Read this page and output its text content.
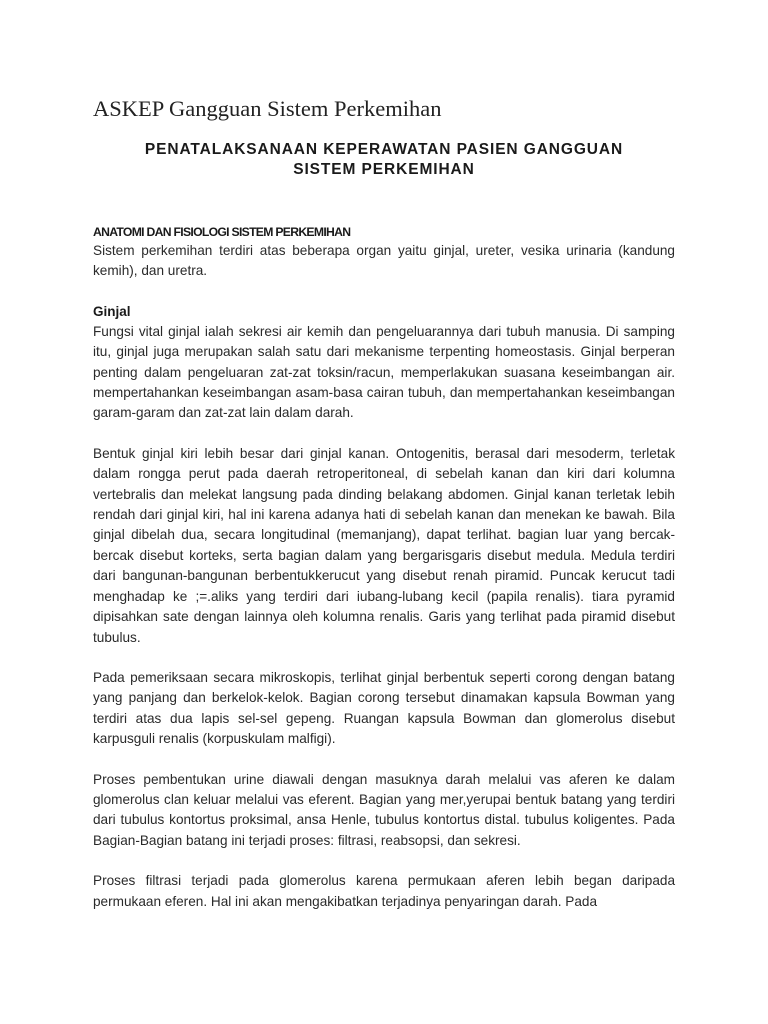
ASKEP Gangguan Sistem Perkemihan
PENATALAKSANAAN KEPERAWATAN PASIEN GANGGUAN
SISTEM PERKEMIHAN
ANATOMI DAN FISIOLOGI SISTEM PERKEMIHAN

Sistem perkemihan terdiri atas beberapa organ yaitu ginjal, ureter, vesika urinaria (kandung kemih), dan uretra.

Ginjal

Fungsi vital ginjal ialah sekresi air kemih dan pengeluarannya dari tubuh manusia. Di samping itu, ginjal juga merupakan salah satu dari mekanisme terpenting homeostasis. Ginjal berperan penting dalam pengeluaran zat-zat toksin/racun, memperlakukan suasana keseimbangan air. mempertahankan keseimbangan asam-basa cairan tubuh, dan mempertahankan keseimbangan garam-garam dan zat-zat lain dalam darah.

Bentuk ginjal kiri lebih besar dari ginjal kanan. Ontogenitis, berasal dari mesoderm, terletak dalam rongga perut pada daerah retroperitoneal, di sebelah kanan dan kiri dari kolumna vertebralis dan melekat langsung pada dinding belakang abdomen. Ginjal kanan terletak lebih rendah dari ginjal kiri, hal ini karena adanya hati di sebelah kanan dan menekan ke bawah. Bila ginjal dibelah dua, secara longitudinal (memanjang), dapat terlihat. bagian luar yang bercak-bercak disebut korteks, serta bagian dalam yang bergarisgaris disebut medula. Medula terdiri dari bangunan-bangunan berbentukkerucut yang disebut renah piramid. Puncak kerucut tadi menghadap ke ;=.aliks yang terdiri dari iubang-lubang kecil (papila renalis). tiara pyramid dipisahkan sate dengan lainnya oleh kolumna renalis. Garis yang terlihat pada piramid disebut tubulus.

Pada pemeriksaan secara mikroskopis, terlihat ginjal berbentuk seperti corong dengan batang yang panjang dan berkelok-kelok. Bagian corong tersebut dinamakan kapsula Bowman yang terdiri atas dua lapis sel-sel gepeng. Ruangan kapsula Bowman dan glomerolus disebut karpusguli renalis (korpuskulam malfigi).

Proses pembentukan urine diawali dengan masuknya darah melalui vas aferen ke dalam glomerolus clan keluar melalui vas eferent. Bagian yang mer,yerupai bentuk batang yang terdiri dari tubulus kontortus proksimal, ansa Henle, tubulus kontortus distal. tubulus koligentes. Pada Bagian-Bagian batang ini terjadi proses: filtrasi, reabsopsi, dan sekresi.

Proses filtrasi terjadi pada glomerolus karena permukaan aferen lebih began daripada permukaan eferen. Hal ini akan mengakibatkan terjadinya penyaringan darah. Pada
